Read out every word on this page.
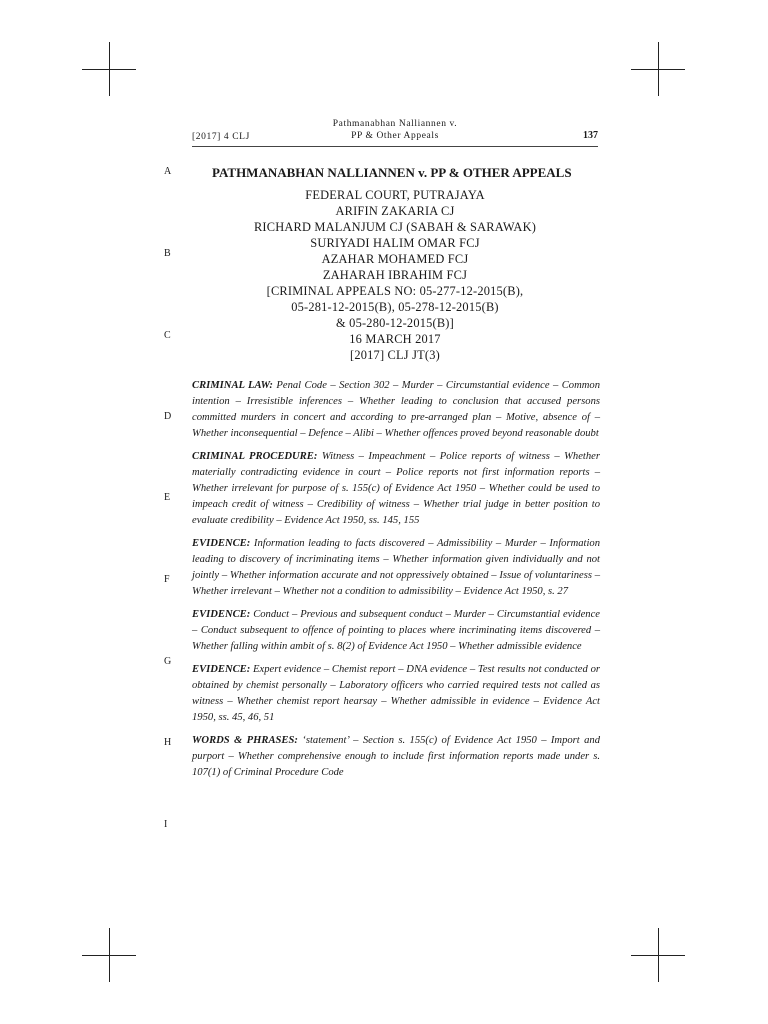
[2017] 4 CLJ
Pathmanabhan Nalliannen v.
PP & Other Appeals	137
A
B
C
D
E
F
G
H
I
PATHMANABHAN NALLIANNEN v. PP & OTHER APPEALS
FEDERAL COURT, PUTRAJAYA
ARIFIN ZAKARIA CJ
RICHARD MALANJUM CJ (SABAH & SARAWAK)
SURIYADI HALIM OMAR FCJ
AZAHAR MOHAMED FCJ
ZAHARAH IBRAHIM FCJ
[CRIMINAL APPEALS NO: 05-277-12-2015(B),
05-281-12-2015(B), 05-278-12-2015(B)
& 05-280-12-2015(B)]
16 MARCH 2017
[2017] CLJ JT(3)

CRIMINAL LAW: Penal Code – Section 302 – Murder – Circumstantial evidence – Common intention – Irresistible inferences – Whether leading to conclusion that accused persons committed murders in concert and according to pre-arranged plan – Motive, absence of – Whether inconsequential – Defence – Alibi – Whether offences proved beyond reasonable doubt

CRIMINAL PROCEDURE: Witness – Impeachment – Police reports of witness – Whether materially contradicting evidence in court – Police reports not first information reports – Whether irrelevant for purpose of s. 155(c) of Evidence Act 1950 – Whether could be used to impeach credit of witness – Credibility of witness – Whether trial judge in better position to evaluate credibility – Evidence Act 1950, ss. 145, 155

EVIDENCE: Information leading to facts discovered – Admissibility – Murder – Information leading to discovery of incriminating items – Whether information given individually and not jointly – Whether information accurate and not oppressively obtained – Issue of voluntariness – Whether irrelevant – Whether not a condition to admissibility – Evidence Act 1950, s. 27

EVIDENCE: Conduct – Previous and subsequent conduct – Murder – Circumstantial evidence – Conduct subsequent to offence of pointing to places where incriminating items discovered – Whether falling within ambit of s. 8(2) of Evidence Act 1950 – Whether admissible evidence

EVIDENCE: Expert evidence – Chemist report – DNA evidence – Test results not conducted or obtained by chemist personally – Laboratory officers who carried required tests not called as witness – Whether chemist report hearsay – Whether admissible in evidence – Evidence Act 1950, ss. 45, 46, 51

WORDS & PHRASES: ‘statement’ – Section s. 155(c) of Evidence Act 1950 – Import and purport – Whether comprehensive enough to include first information reports made under s. 107(1) of Criminal Procedure Code
